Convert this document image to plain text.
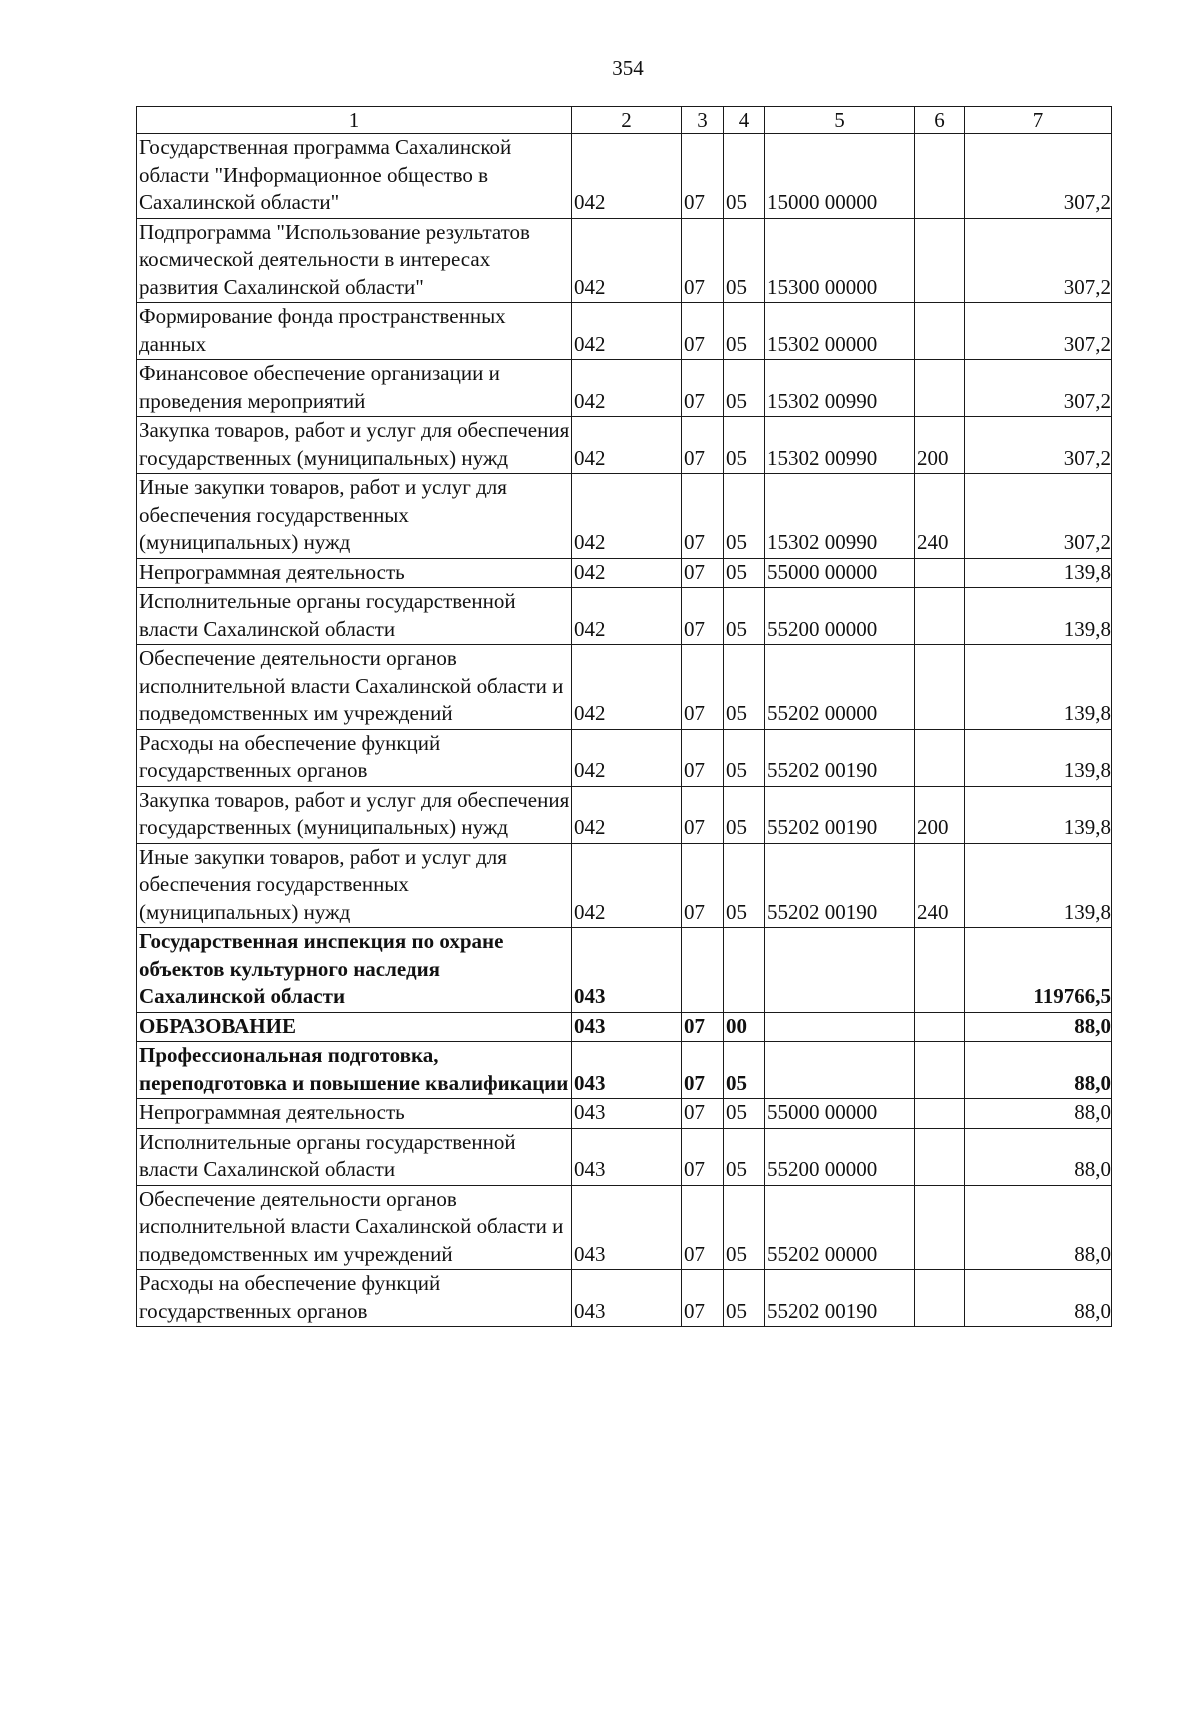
354
1	2	3	4	5	6	7
Государственная программа Сахалинской области "Информационное общество в Сахалинской области"	042	07	05	15000 00000		307,2
Подпрограмма "Использование результатов космической деятельности в интересах развития Сахалинской области"	042	07	05	15300 00000		307,2
Формирование фонда пространственных данных	042	07	05	15302 00000		307,2
Финансовое обеспечение организации и проведения мероприятий	042	07	05	15302 00990		307,2
Закупка товаров, работ и услуг для обеспечения государственных (муниципальных) нужд	042	07	05	15302 00990	200	307,2
Иные закупки товаров, работ и услуг для обеспечения государственных (муниципальных) нужд	042	07	05	15302 00990	240	307,2
Непрограммная деятельность	042	07	05	55000 00000		139,8
Исполнительные органы государственной власти Сахалинской области	042	07	05	55200 00000		139,8
Обеспечение деятельности органов исполнительной власти Сахалинской области и подведомственных им учреждений	042	07	05	55202 00000		139,8
Расходы на обеспечение функций государственных органов	042	07	05	55202 00190		139,8
Закупка товаров, работ и услуг для обеспечения государственных (муниципальных) нужд	042	07	05	55202 00190	200	139,8
Иные закупки товаров, работ и услуг для обеспечения государственных (муниципальных) нужд	042	07	05	55202 00190	240	139,8
Государственная инспекция по охране объектов культурного наследия Сахалинской области	043					119766,5
ОБРАЗОВАНИЕ	043	07	00			88,0
Профессиональная подготовка, переподготовка и повышение квалификации	043	07	05			88,0
Непрограммная деятельность	043	07	05	55000 00000		88,0
Исполнительные органы государственной власти Сахалинской области	043	07	05	55200 00000		88,0
Обеспечение деятельности органов исполнительной власти Сахалинской области и подведомственных им учреждений	043	07	05	55202 00000		88,0
Расходы на обеспечение функций государственных органов	043	07	05	55202 00190		88,0
